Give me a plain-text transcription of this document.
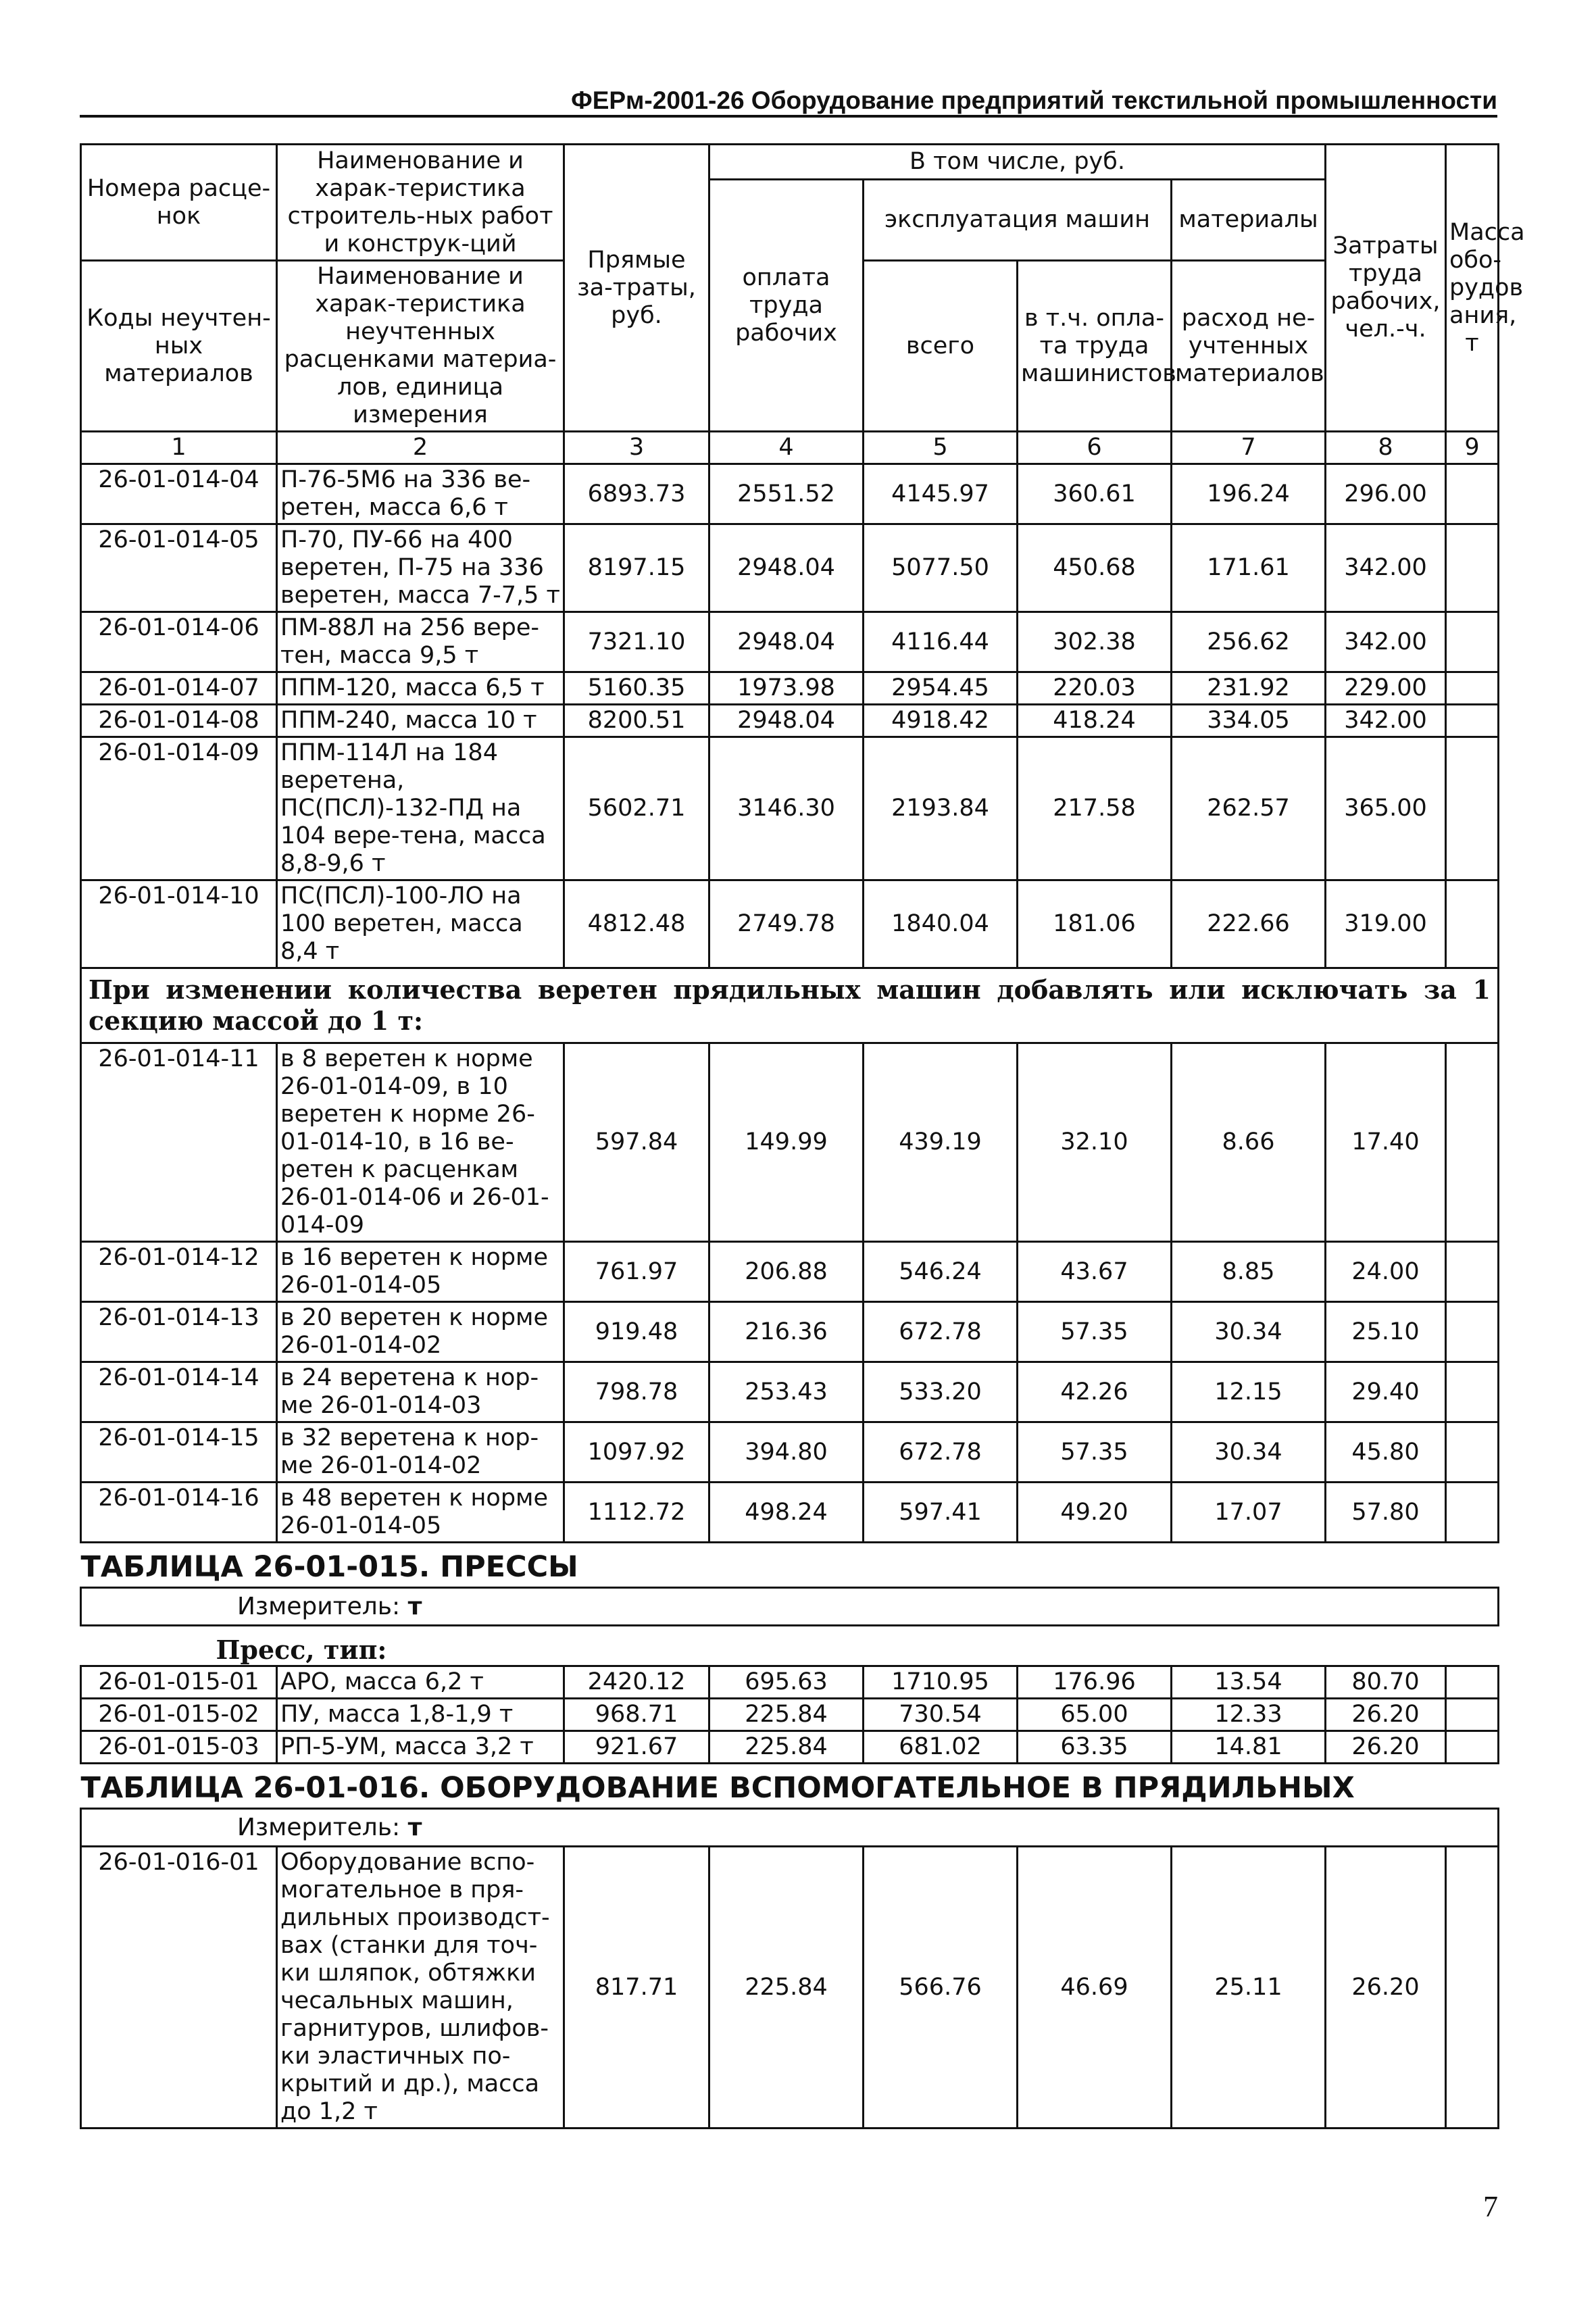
ФЕРм-2001-26 Оборудование предприятий текстильной промышленности
Номера расце-нок	Наименование и харак-теристика строитель-ных работ и конструк-ций	Прямые за-траты, руб.	В том числе, руб.				Затраты труда рабочих, чел.-ч.	Масса обо-рудов ания, т
			оплата труда рабочих	эксплуатация машин		материалы		
Коды неучтен-ных материалов	Наименование и харак-теристика неучтенных расценками материа-лов, единица измерения			всего	в т.ч. опла-та труда машинистов	расход не-учтенных материалов		

1	2	3	4	5	6	7	8	9
26-01-014-04	П-76-5М6 на 336 ве-ретен, масса 6,6 т	6893.73	2551.52	4145.97	360.61	196.24	296.00	
26-01-014-05	П-70, ПУ-66 на 400 веретен, П-75 на 336 веретен, масса 7-7,5 т	8197.15	2948.04	5077.50	450.68	171.61	342.00	
26-01-014-06	ПМ-88Л на 256 вере-тен, масса 9,5 т	7321.10	2948.04	4116.44	302.38	256.62	342.00	
26-01-014-07	ППМ-120, масса 6,5 т	5160.35	1973.98	2954.45	220.03	231.92	229.00	
26-01-014-08	ППМ-240, масса 10 т	8200.51	2948.04	4918.42	418.24	334.05	342.00	
26-01-014-09	ППМ-114Л на 184 веретена, ПС(ПСЛ)-132-ПД на 104 вере-тена, масса 8,8-9,6 т	5602.71	3146.30	2193.84	217.58	262.57	365.00	
26-01-014-10	ПС(ПСЛ)-100-ЛО на 100 веретен, масса 8,4 т	4812.48	2749.78	1840.04	181.06	222.66	319.00	
При изменении количества веретен прядильных машин добавлять или исключать за 1 секцию массой до 1 т:								
26-01-014-11	в 8 веретен к норме 26-01-014-09, в 10 веретен к норме 26-01-014-10, в 16 ве-ретен к расценкам 26-01-014-06 и 26-01-014-09	597.84	149.99	439.19	32.10	8.66	17.40	
26-01-014-12	в 16 веретен к норме 26-01-014-05	761.97	206.88	546.24	43.67	8.85	24.00	
26-01-014-13	в 20 веретен к норме 26-01-014-02	919.48	216.36	672.78	57.35	30.34	25.10	
26-01-014-14	в 24 веретена к нор-ме 26-01-014-03	798.78	253.43	533.20	42.26	12.15	29.40	
26-01-014-15	в 32 веретена к нор-ме 26-01-014-02	1097.92	394.80	672.78	57.35	30.34	45.80	
26-01-014-16	в 48 веретен к норме 26-01-014-05	1112.72	498.24	597.41	49.20	17.07	57.80	
ТАБЛИЦА 26-01-015. ПРЕССЫ								
Измеритель: т								
Пресс, тип:								
26-01-015-01	АРО, масса 6,2 т	2420.12	695.63	1710.95	176.96	13.54	80.70	
26-01-015-02	ПУ, масса 1,8-1,9 т	968.71	225.84	730.54	65.00	12.33	26.20	
26-01-015-03	РП-5-УМ, масса 3,2 т	921.67	225.84	681.02	63.35	14.81	26.20	
ТАБЛИЦА 26-01-016. ОБОРУДОВАНИЕ ВСПОМОГАТЕЛЬНОЕ В ПРЯДИЛЬНЫХ								
Измеритель: т								
26-01-016-01	Оборудование вспо-могательное в пря-дильных производст-вах (станки для точ-ки шляпок, обтяжки чесальных машин, гарнитуров, шлифов-ки эластичных по-крытий и др.), масса до 1,2 т	817.71	225.84	566.76	46.69	25.11	26.20	
7
